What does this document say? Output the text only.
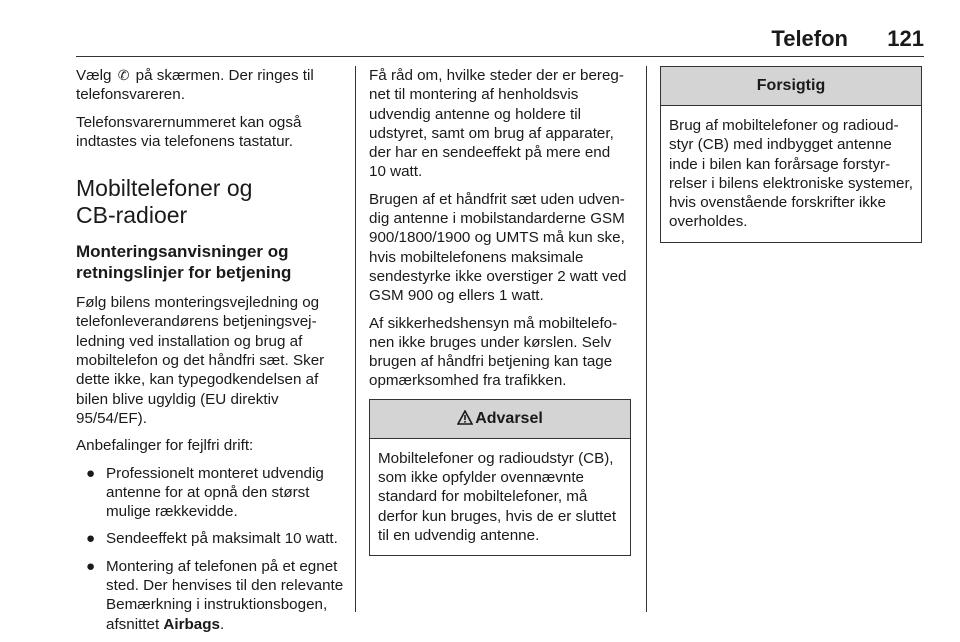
Telefon 121

Vælg ✆ på skærmen. Der ringes til telefonsvareren.

Telefonsvarernummeret kan også indtastes via telefonens tastatur.

Mobiltelefoner og
CB-radioer
Monteringsanvisninger og retningslinjer for betjening

Følg bilens monteringsvejledning og telefonleverandørens betjeningsvejledning ved installation og brug af mobiltelefon og det håndfri sæt. Sker dette ikke, kan typegodkendelsen af bilen blive ugyldig (EU direktiv 95/54/EF).

Anbefalinger for fejlfri drift:

● Professionelt monteret udvendig antenne for at opnå den størst mulige rækkevidde.
● Sendeeffekt på maksimalt 10 watt.
● Montering af telefonen på et egnet sted. Der henvises til den relevante Bemærkning i instruktionsbogen, afsnittet Airbags.

Få råd om, hvilke steder der er beregnet til montering af henholdsvis udvendig antenne og holdere til udstyret, samt om brug af apparater, der har en sendeeffekt på mere end 10 watt.

Brugen af et håndfrit sæt uden udvendig antenne i mobilstandarderne GSM 900/1800/1900 og UMTS må kun ske, hvis mobiltelefonens maksimale sendestyrke ikke overstiger 2 watt ved GSM 900 og ellers 1 watt.

Af sikkerhedshensyn må mobiltelefonen ikke bruges under kørslen. Selv brugen af håndfri betjening kan tage opmærksomhed fra trafikken.

Advarsel
Mobiltelefoner og radioudstyr (CB), som ikke opfylder ovennævnte standard for mobiltelefoner, må derfor kun bruges, hvis de er sluttet til en udvendig antenne.
Forsigtig
Brug af mobiltelefoner og radioudstyr (CB) med indbygget antenne inde i bilen kan forårsage forstyrrelser i bilens elektroniske systemer, hvis ovenstående forskrifter ikke overholdes.
